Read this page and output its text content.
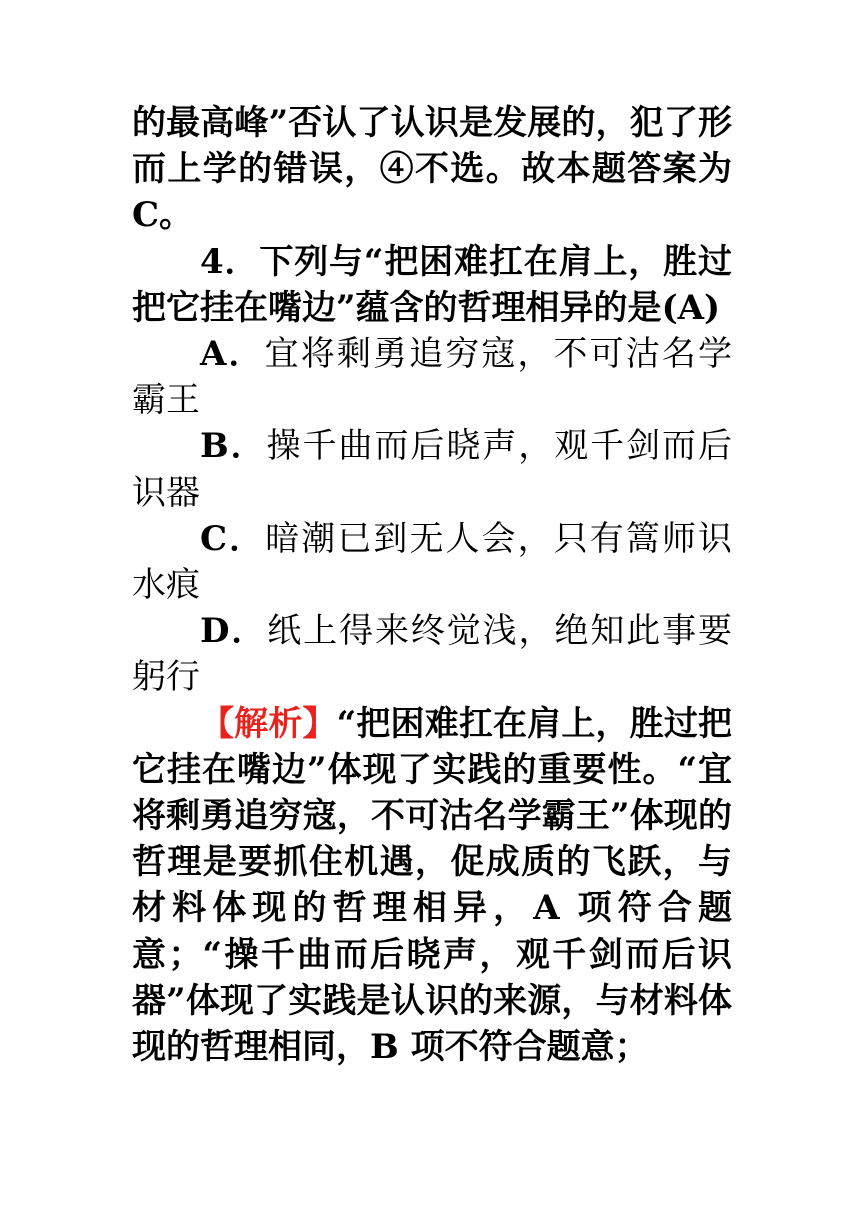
的最高峰”否认了认识是发展的，犯了形而上学的错误，④不选。故本题答案为 C。

4．下列与“把困难扛在肩上，胜过把它挂在嘴边”蕴含的哲理相异的是(A)

A．宜将剩勇追穷寇，不可沽名学霸王

B．操千曲而后晓声，观千剑而后识器

C．暗潮已到无人会，只有篙师识水痕

D．纸上得来终觉浅，绝知此事要躬行

【解析】“把困难扛在肩上，胜过把它挂在嘴边”体现了实践的重要性。“宜将剩勇追穷寇，不可沽名学霸王”体现的哲理是要抓住机遇，促成质的飞跃，与材料体现的哲理相异，A 项符合题意；“操千曲而后晓声，观千剑而后识器”体现了实践是认识的来源，与材料体现的哲理相同，B 项不符合题意；
